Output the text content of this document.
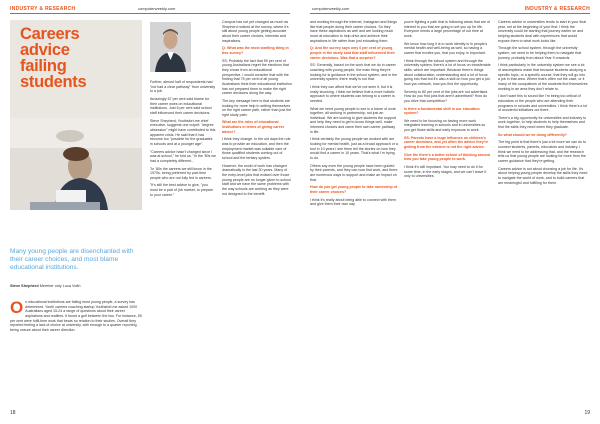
INDUSTRY & RESEARCH	computerweekly.com
Careers
advice
failing
students

Many young people are disenchanted with their career choices, and most blame educational institutions.

Steve Shepherd Member only Luca Voith

On educational institutions are failing most young people, a survey has determined. Youth careers coaching startup Youthsfort.me asked 1000 Australians aged 15-24 a range of questions about their career aspirations and realities. It found a gulf between the two. For instance, 59 per cent were fulfil-time work that bears no relation to their studies. Overall they reported feeling a lack of choice at university, with enough to a quarter reporting being unsure about their career direction.

Further, almost half of respondents had "not had a clear pathway" from university to a job.

Amazingly 67 per cent said blame for their career woes on educational institutions. Just 6 per cent said school staff influenced their career decisions.

Steve Shepherd, Youthsfort.me chief executive, suggests one culprit: "degree obsession" might have contributed to this apparent crisis. He said that it has become too "possible for the graduates in schools and at a younger age".

"Careers advice hasn't changed since I was at school," he told us. "In the '80s we had a completely different...

"In '80s the careers we still know in the 1970s, being preferred by part-time people who are not fully fed in careers.

"It's still the best advice to give, "you must be a part of job market, to prepare to your career."

Campus has not yet changed as much as Shepherd noticed at the survey, where it's still about young people getting accurate about their career choices, interests and inspirations.

Q: What was the most startling thing in this survey?

SS: Probably the fact that 59 per cent of young Australians regret the elections that they chose from an educational perspective. I would consider that with the finding that 75 per cent of all young Australians think their educational institution has not prepared them to make the right career decisions along the way.

The key message here is that students are looking for more help in setting themselves on the right career path, rather than just the right study path.

What are the roles of educational institutions in terms of giving career advice?

I think they change. In the old days the role was to provide an education, and then the employment market was suitable care of those qualified students coming out of school and the tertiary system.

However, the world of work has changed dramatically in the last 30 years. Many of the entry-level jobs that existed over those young people are no longer given to school staff and we have the same problems with the way schools are working as they were not designed to the benefit.

18
computerweekly.com	INDUSTRY & RESEARCH

and working through the internet, Instagram and things like that people doing their career choices. So they have these aspirations as well and are looking much more at education to help drive and achieve their aspirations in life rather than just educating them.

Q: And the survey says only 6 per cent of young people in the study said that staff influenced their career decisions. Was that a surprise?

SS: Generally, based on the work that we do in career coaching with young people, the main thing they're looking for is guidance in the school system, and in the university system, there really is not that.

I think they can afford that we've not seen it, but it is really shocking. I think we believe that a more holistic approach to where students can belong to a career is needed.

What we need young people to see is a future of work together, all working in partnership, not just an individual. We are looking to give students the support and help they need to get to know things well, make informed choices and carve their own career pathway in life.

I think certainly the young people we worked with are looking for mental health, just as a broad approach or a tool in 10 years I see them tell the stories on how they would find a career in 10 years. That's what I'm trying to do.

Others say even the young people have been guided by their parents, and they can now find work, and there are numerous ways to support and make an impact on that.

How do you get young people to take ownership of their career choices?

I think it's really about being able to connect with them and give them their own say.

you're fighting a path that is following areas that are of interest to you that are going to set you up for life. Everyone needs a large percentage of our time at work.

We know how long it is to work identity is in people's mental health and well-being as well, so having a career that excites you, that you enjoy, is important.

I think through the school system and through the university system, there's a lot of focus on transferable skills, which are important. Because there's things about collaboration, understanding and a lot of focus going into that but it's also a skill on how you get a job, how you network, how you find the opportunity.

Seventy to 80 per cent of the jobs are not advertised. How do you find jobs that aren't advertised? How do you drive that competition?

Is there a fundamental shift in our education system?

We need to be focusing on having more work integrated learning in schools and in universities so you get those skills and early exposure to work.

SS: Parents have a huge influence on children's career decisions, and yet often the advice they're getting from the internet is not the right advice.

Give the there's a better school of thinking around how you take young people to work.

I think it's still important. You may need to do it for some time, in the early stages, and we can't leave it only to universities.

Careers advice in universities tends to start in your final year, not at the beginning of your first. I think the university could be starting that journey earlier on and helping students deal with experiences that would expose them to what work looks like.

Through the school system, through the university system, we need to be helping them to navigate that journey, probably from about Year 9 onwards.

I think particularly in the university system we see a lot of assumptions made that because students studying a specific topic, or a specific course, that they will go into a job in that area. Where that's often not the case, or it many of the occupations of the students find themselves working in an area they don't relate to.

I don't want this to sound like I'm being too critical of educators or the people who are attending their programs in schools and universities. I think there's a lot of wonderful initiatives out there.

There's a big opportunity for universities and industry to work together, to help students to help themselves and find the skills they need when they graduate.

So what should we be doing differently?

The big point is that there's just a lot more we can do to connect students, parents, educators and industry. I think we need to be addressing that, and the research tells us that young people are looking for more from the career guidance that they're getting.

Careers advice is not about choosing a job for life. It's about helping young people develop the skills they need to navigate the world of work, and to build careers that are meaningful and fulfilling for them.

19
